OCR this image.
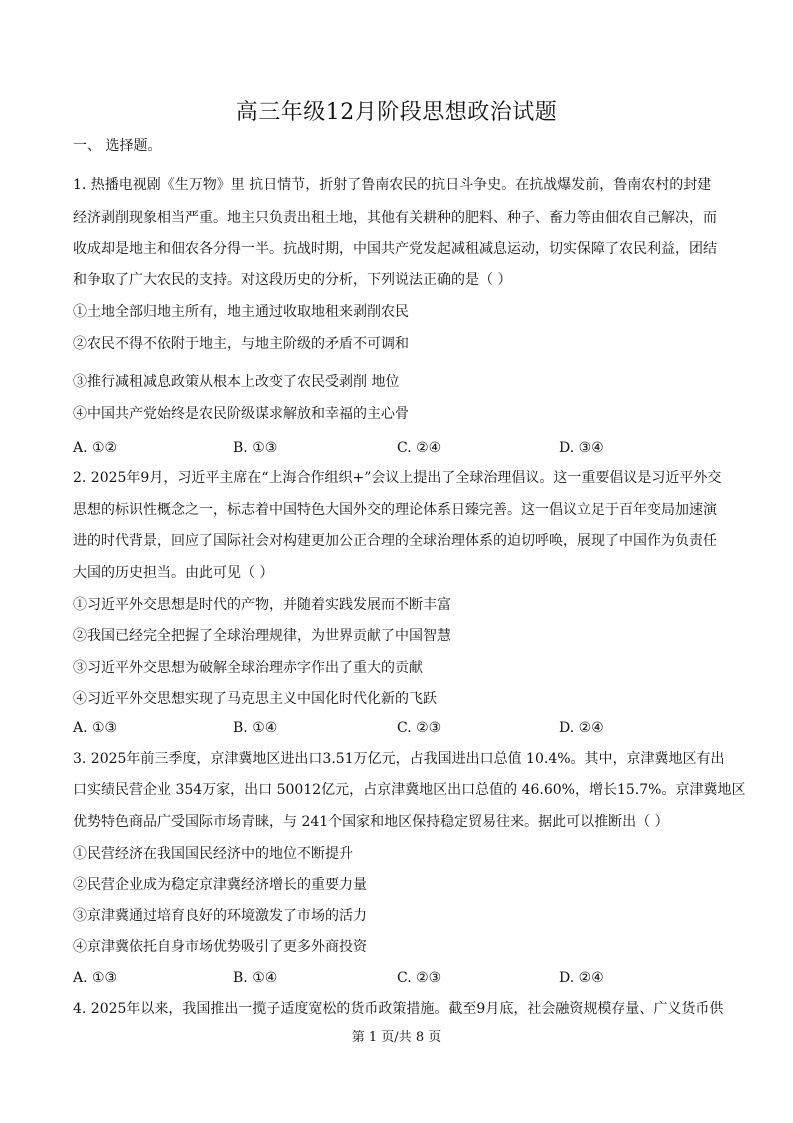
高三年级12月阶段思想政治试题
一、 选择题。
1. 热播电视剧《生万物》里 抗日情节，折射了鲁南农民的抗日斗争史。在抗战爆发前，鲁南农村的封建
经济剥削现象相当严重。地主只负责出租土地，其他有关耕种的肥料、种子、畜力等由佃农自己解决，而
收成却是地主和佃农各分得一半。抗战时期，中国共产党发起减租减息运动，切实保障了农民利益，团结
和争取了广大农民的支持。对这段历史的分析，下列说法正确的是（ ）
①土地全部归地主所有，地主通过收取地租来剥削农民
②农民不得不依附于地主，与地主阶级的矛盾不可调和
③推行减租减息政策从根本上改变了农民受剥削 地位
④中国共产党始终是农民阶级谋求解放和幸福的主心骨
A. ①②	B. ①③	C. ②④	D. ③④
2. 2025年9月，习近平主席在“上海合作组织+”会议上提出了全球治理倡议。这一重要倡议是习近平外交
思想的标识性概念之一，标志着中国特色大国外交的理论体系日臻完善。这一倡议立足于百年变局加速演
进的时代背景，回应了国际社会对构建更加公正合理的全球治理体系的迫切呼唤，展现了中国作为负责任
大国的历史担当。由此可见（ ）
①习近平外交思想是时代的产物，并随着实践发展而不断丰富
②我国已经完全把握了全球治理规律，为世界贡献了中国智慧
③习近平外交思想为破解全球治理赤字作出了重大的贡献
④习近平外交思想实现了马克思主义中国化时代化新的飞跃
A. ①③	B. ①④	C. ②③	D. ②④
3. 2025年前三季度，京津冀地区进出口3.51万亿元，占我国进出口总值 10.4%。其中，京津冀地区有出
口实绩民营企业 354万家，出口 50012亿元，占京津冀地区出口总值的 46.60%，增长15.7%。京津冀地区
优势特色商品广受国际市场青睐，与 241个国家和地区保持稳定贸易往来。据此可以推断出（ ）
①民营经济在我国国民经济中的地位不断提升
②民营企业成为稳定京津冀经济增长的重要力量
③京津冀通过培育良好的环境激发了市场的活力
④京津冀依托自身市场优势吸引了更多外商投资
A. ①③	B. ①④	C. ②③	D. ②④
4. 2025年以来，我国推出一揽子适度宽松的货币政策措施。截至9月底，社会融资规模存量、广义货币供
第 1 页/共 8 页
